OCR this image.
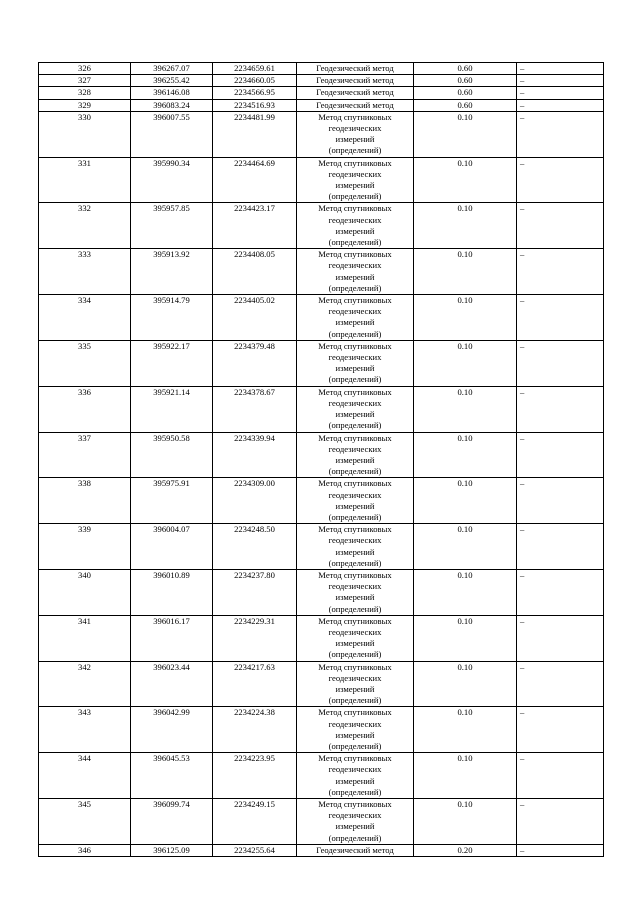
326	396267.07	2234659.61	Геодезический метод	0.60	–
327	396255.42	2234660.05	Геодезический метод	0.60	–
328	396146.08	2234566.95	Геодезический метод	0.60	–
329	396083.24	2234516.93	Геодезический метод	0.60	–
330	396007.55	2234481.99	Метод спутниковых
геодезических
измерений
(определений)	0.10	–
331	395990.34	2234464.69	Метод спутниковых
геодезических
измерений
(определений)	0.10	–
332	395957.85	2234423.17	Метод спутниковых
геодезических
измерений
(определений)	0.10	–
333	395913.92	2234408.05	Метод спутниковых
геодезических
измерений
(определений)	0.10	–
334	395914.79	2234405.02	Метод спутниковых
геодезических
измерений
(определений)	0.10	–
335	395922.17	2234379.48	Метод спутниковых
геодезических
измерений
(определений)	0.10	–
336	395921.14	2234378.67	Метод спутниковых
геодезических
измерений
(определений)	0.10	–
337	395950.58	2234339.94	Метод спутниковых
геодезических
измерений
(определений)	0.10	–
338	395975.91	2234309.00	Метод спутниковых
геодезических
измерений
(определений)	0.10	–
339	396004.07	2234248.50	Метод спутниковых
геодезических
измерений
(определений)	0.10	–
340	396010.89	2234237.80	Метод спутниковых
геодезических
измерений
(определений)	0.10	–
341	396016.17	2234229.31	Метод спутниковых
геодезических
измерений
(определений)	0.10	–
342	396023.44	2234217.63	Метод спутниковых
геодезических
измерений
(определений)	0.10	–
343	396042.99	2234224.38	Метод спутниковых
геодезических
измерений
(определений)	0.10	–
344	396045.53	2234223.95	Метод спутниковых
геодезических
измерений
(определений)	0.10	–
345	396099.74	2234249.15	Метод спутниковых
геодезических
измерений
(определений)	0.10	–
346	396125.09	2234255.64	Геодезический метод	0.20	–
